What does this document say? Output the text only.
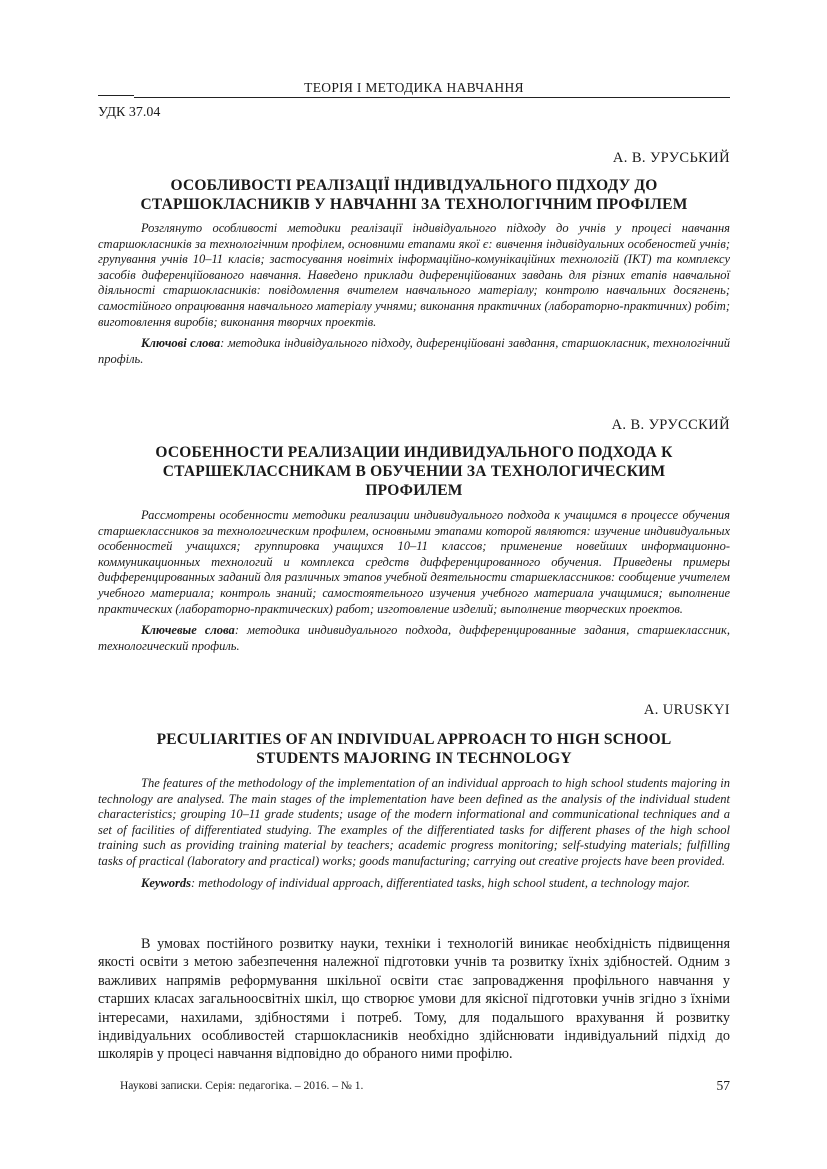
ТЕОРІЯ І МЕТОДИКА НАВЧАННЯ
УДК 37.04
А. В. УРУСЬКИЙ
ОСОБЛИВОСТІ РЕАЛІЗАЦІЇ ІНДИВІДУАЛЬНОГО ПІДХОДУ ДО СТАРШОКЛАСНИКІВ У НАВЧАННІ ЗА ТЕХНОЛОГІЧНИМ ПРОФІЛЕМ
Розглянуто особливості методики реалізації індивідуального підходу до учнів у процесі навчання старшокласників за технологічним профілем, основними етапами якої є: вивчення індивідуальних особеностей учнів; групування учнів 10–11 класів; застосування новітніх інформаційно-комунікаційних технологій (ІКТ) та комплексу засобів диференційованого навчання. Наведено приклади диференційованих завдань для різних етапів навчальної діяльності старшокласників: повідомлення вчителем навчального матеріалу; контролю навчальних досягнень; самостійного опрацювання навчального матеріалу учнями; виконання практичних (лабораторно-практичних) робіт; виготовлення виробів; виконання творчих проектів.
Ключові слова: методика індивідуального підходу, диференційовані завдання, старшокласник, технологічний профіль.
А. В. УРУССКИЙ
ОСОБЕННОСТИ РЕАЛИЗАЦИИ ИНДИВИДУАЛЬНОГО ПОДХОДА К СТАРШЕКЛАССНИКАМ В ОБУЧЕНИИ ЗА ТЕХНОЛОГИЧЕСКИМ ПРОФИЛЕМ
Рассмотрены особенности методики реализации индивидуального подхода к учащимся в процессе обучения старшеклассников за технологическим профилем, основными этапами которой являются: изучение индивидуальных особенностей учащихся; группировка учащихся 10–11 классов; применение новейших информационно-коммуникационных технологий и комплекса средств дифференцированного обучения. Приведены примеры дифференцированных заданий для различных этапов учебной деятельности старшеклассников: сообщение учителем учебного материала; контроль знаний; самостоятельного изучения учебного материала учащимися; выполнение практических (лабораторно-практических) работ; изготовление изделий; выполнение творческих проектов.
Ключевые слова: методика индивидуального подхода, дифференцированные задания, старшеклассник, технологический профиль.
A. URUSKYI
PECULIARITIES OF AN INDIVIDUAL APPROACH TO HIGH SCHOOL STUDENTS MAJORING IN TECHNOLOGY
The features of the methodology of the implementation of an individual approach to high school students majoring in technology are analysed. The main stages of the implementation have been defined as the analysis of the individual student characteristics; grouping 10–11 grade students; usage of the modern informational and communicational techniques and a set of facilities of differentiated studying. The examples of the differentiated tasks for different phases of the high school training such as providing training material by teachers; academic progress monitoring; self-studying materials; fulfilling tasks of practical (laboratory and practical) works; goods manufacturing; carrying out creative projects have been provided.
Keywords: methodology of individual approach, differentiated tasks, high school student, a technology major.
В умовах постійного розвитку науки, техніки і технологій виникає необхідність підвищення якості освіти з метою забезпечення належної підготовки учнів та розвитку їхніх здібностей. Одним з важливих напрямів реформування шкільної освіти стає запровадження профільного навчання у старших класах загальноосвітніх шкіл, що створює умови для якісної підготовки учнів згідно з їхніми інтересами, нахилами, здібностями і потреб. Тому, для подальшого врахування й розвитку індивідуальних особливостей старшокласників необхідно здійснювати індивідуальний підхід до школярів у процесі навчання відповідно до обраного ними профілю.
Наукові записки. Серія: педагогіка. – 2016. – № 1.	57
